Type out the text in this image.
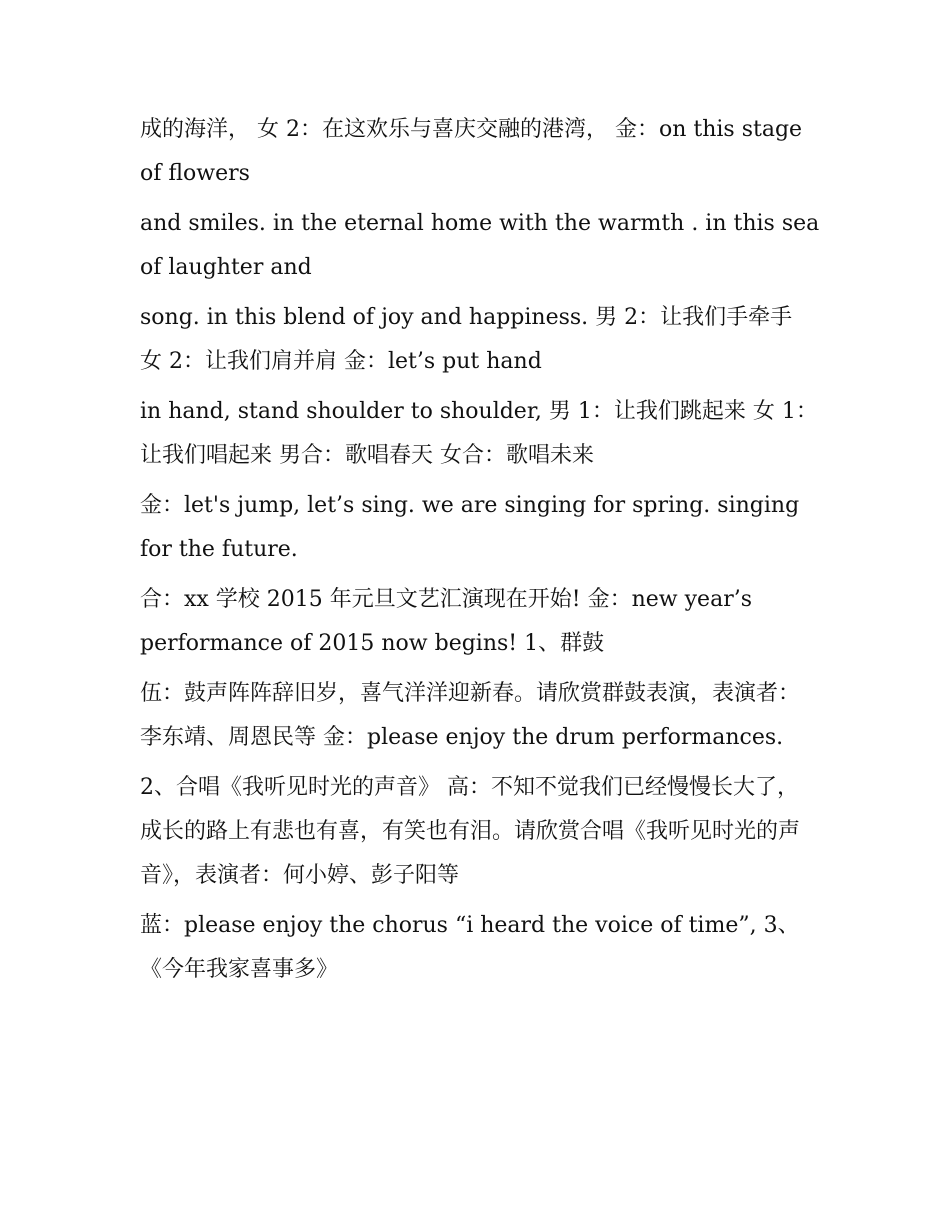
成的海洋， 女 2：在这欢乐与喜庆交融的港湾， 金：on this stage of flowers

and smiles. in the eternal home with the warmth . in this sea of laughter and

song. in this blend of joy and happiness. 男 2：让我们手牵手 女 2：让我们肩并肩 金：let’s put hand

in hand, stand shoulder to shoulder, 男 1：让我们跳起来 女 1：让我们唱起来 男合：歌唱春天 女合：歌唱未来

金：let's jump, let’s sing. we are singing for spring. singing for the future.

合：xx 学校 2015 年元旦文艺汇演现在开始! 金：new year’s performance of 2015 now begins! 1、群鼓

伍：鼓声阵阵辞旧岁，喜气洋洋迎新春。请欣赏群鼓表演，表演者：李东靖、周恩民等 金：please enjoy the drum performances.

2、合唱《我听见时光的声音》 高：不知不觉我们已经慢慢长大了，成长的路上有悲也有喜，有笑也有泪。请欣赏合唱《我听见时光的声音》，表演者：何小婷、彭子阳等

蓝：please enjoy the chorus “i heard the voice of time”, 3、《今年我家喜事多》
